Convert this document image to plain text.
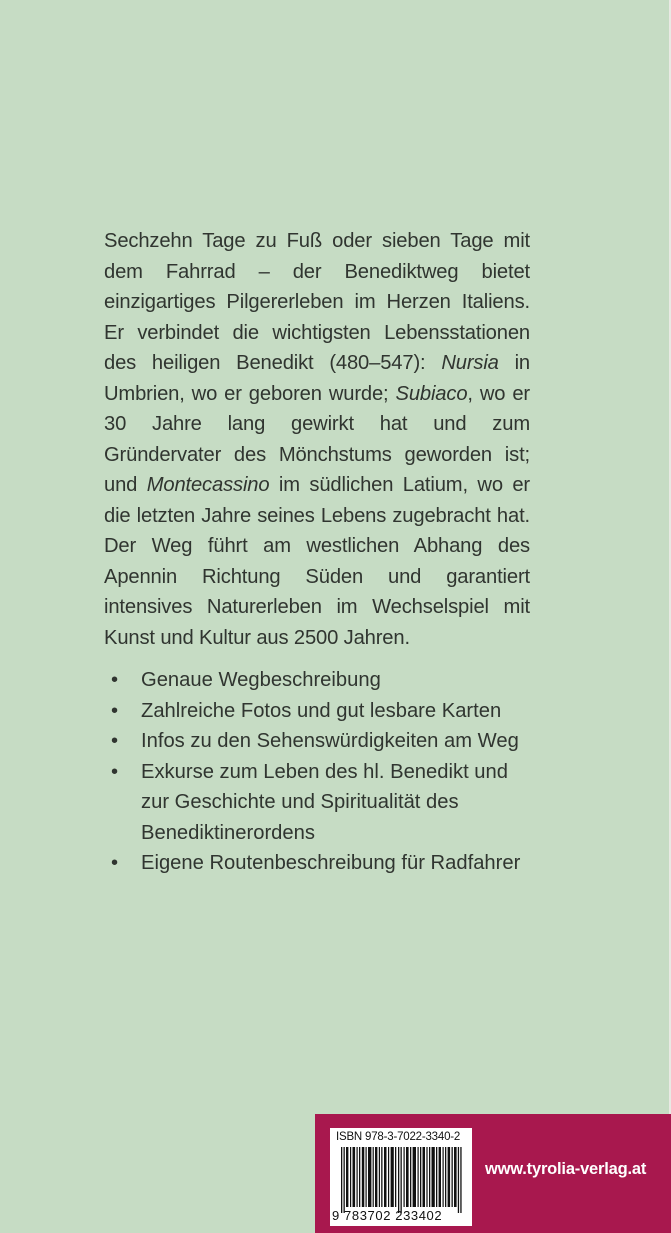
Sechzehn Tage zu Fuß oder sieben Tage mit dem Fahrrad – der Benediktweg bietet einzigartiges Pilgererleben im Herzen Italiens. Er verbindet die wichtigsten Lebensstationen des heiligen Benedikt (480–547): Nursia in Umbrien, wo er geboren wurde; Subiaco, wo er 30 Jahre lang gewirkt hat und zum Gründervater des Mönchstums geworden ist; und Montecassino im südlichen Latium, wo er die letzten Jahre seines Lebens zugebracht hat. Der Weg führt am westlichen Abhang des Apennin Richtung Süden und garantiert intensives Naturerleben im Wechselspiel mit Kunst und Kultur aus 2500 Jahren.

• Genaue Wegbeschreibung
• Zahlreiche Fotos und gut lesbare Karten
• Infos zu den Sehenswürdigkeiten am Weg
• Exkurse zum Leben des hl. Benedikt und zur Geschichte und Spiritualität des Benediktinerordens
• Eigene Routenbeschreibung für Radfahrer
ISBN 978-3-7022-3340-2
9 783702 233402
www.tyrolia-verlag.at
